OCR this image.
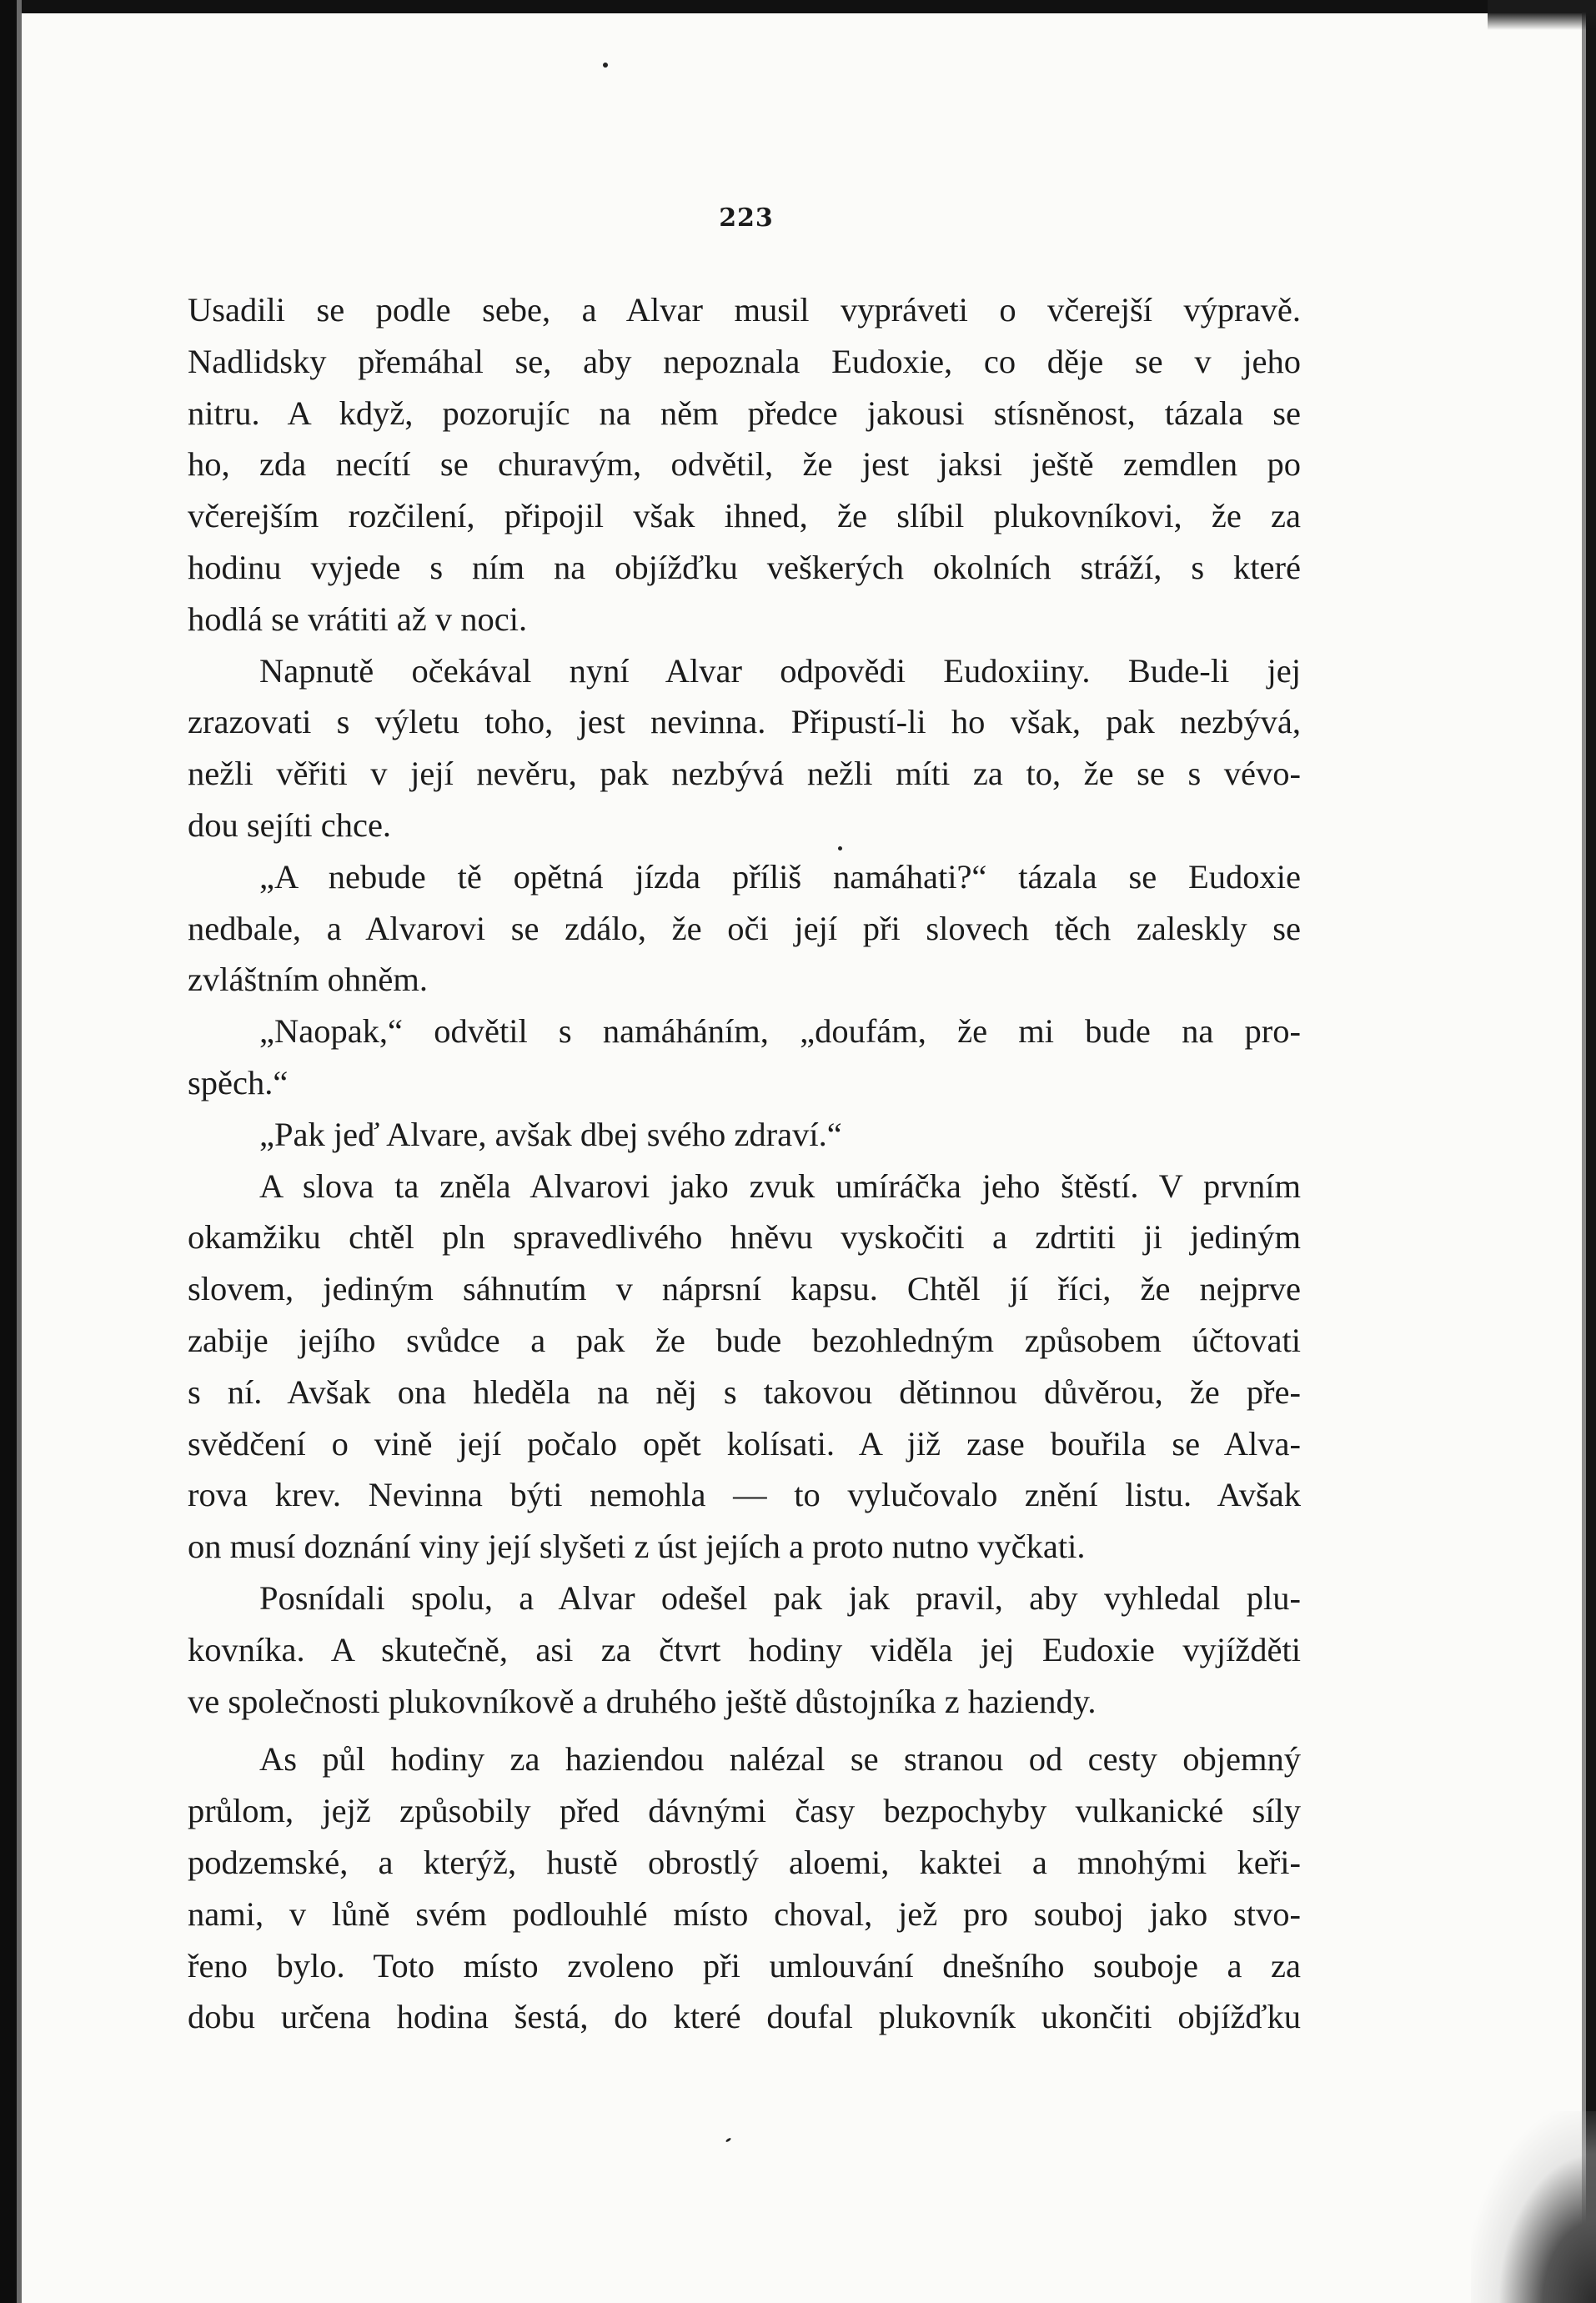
223
Usadili se podle sebe, a Alvar musil vypráveti o včerejší výpravě.
Nadlidsky přemáhal se, aby nepoznala Eudoxie, co děje se v jeho
nitru. A když, pozorujíc na něm předce jakousi stísněnost, tázala se
ho, zda necítí se churavým, odvětil, že jest jaksi ještě zemdlen po
včerejším rozčilení, připojil však ihned, že slíbil plukovníkovi, že za
hodinu vyjede s ním na objížďku veškerých okolních stráží, s které
hodlá se vrátiti až v noci.
Napnutě očekával nyní Alvar odpovědi Eudoxiiny. Bude-li jej
zrazovati s výletu toho, jest nevinna. Připustí-li ho však, pak nezbývá,
nežli věřiti v její nevěru, pak nezbývá nežli míti za to, že se s vévo-
dou sejíti chce.
„A nebude tě opětná jízda příliš namáhati?“ tázala se Eudoxie
nedbale, a Alvarovi se zdálo, že oči její při slovech těch zaleskly se
zvláštním ohněm.
„Naopak,“ odvětil s namáháním, „doufám, že mi bude na pro-
spěch.“
„Pak jeď Alvare, avšak dbej svého zdraví.“
A slova ta zněla Alvarovi jako zvuk umíráčka jeho štěstí. V prvním
okamžiku chtěl pln spravedlivého hněvu vyskočiti a zdrtiti ji jediným
slovem, jediným sáhnutím v náprsní kapsu. Chtěl jí říci, že nejprve
zabije jejího svůdce a pak že bude bezohledným způsobem účtovati
s ní. Avšak ona hleděla na něj s takovou dětinnou důvěrou, že pře-
svědčení o vině její počalo opět kolísati. A již zase bouřila se Alva-
rova krev. Nevinna býti nemohla — to vylučovalo znění listu. Avšak
on musí doznání viny její slyšeti z úst jejích a proto nutno vyčkati.
Posnídali spolu, a Alvar odešel pak jak pravil, aby vyhledal plu-
kovníka. A skutečně, asi za čtvrt hodiny viděla jej Eudoxie vyjížděti
ve společnosti plukovníkově a druhého ještě důstojníka z haziendy.
As půl hodiny za haziendou nalézal se stranou od cesty objemný
průlom, jejž způsobily před dávnými časy bezpochyby vulkanické síly
podzemské, a kterýž, hustě obrostlý aloemi, kaktei a mnohými keři-
nami, v lůně svém podlouhlé místo choval, jež pro souboj jako stvo-
řeno bylo. Toto místo zvoleno při umlouvání dnešního souboje a za
dobu určena hodina šestá, do které doufal plukovník ukončiti objížďku
